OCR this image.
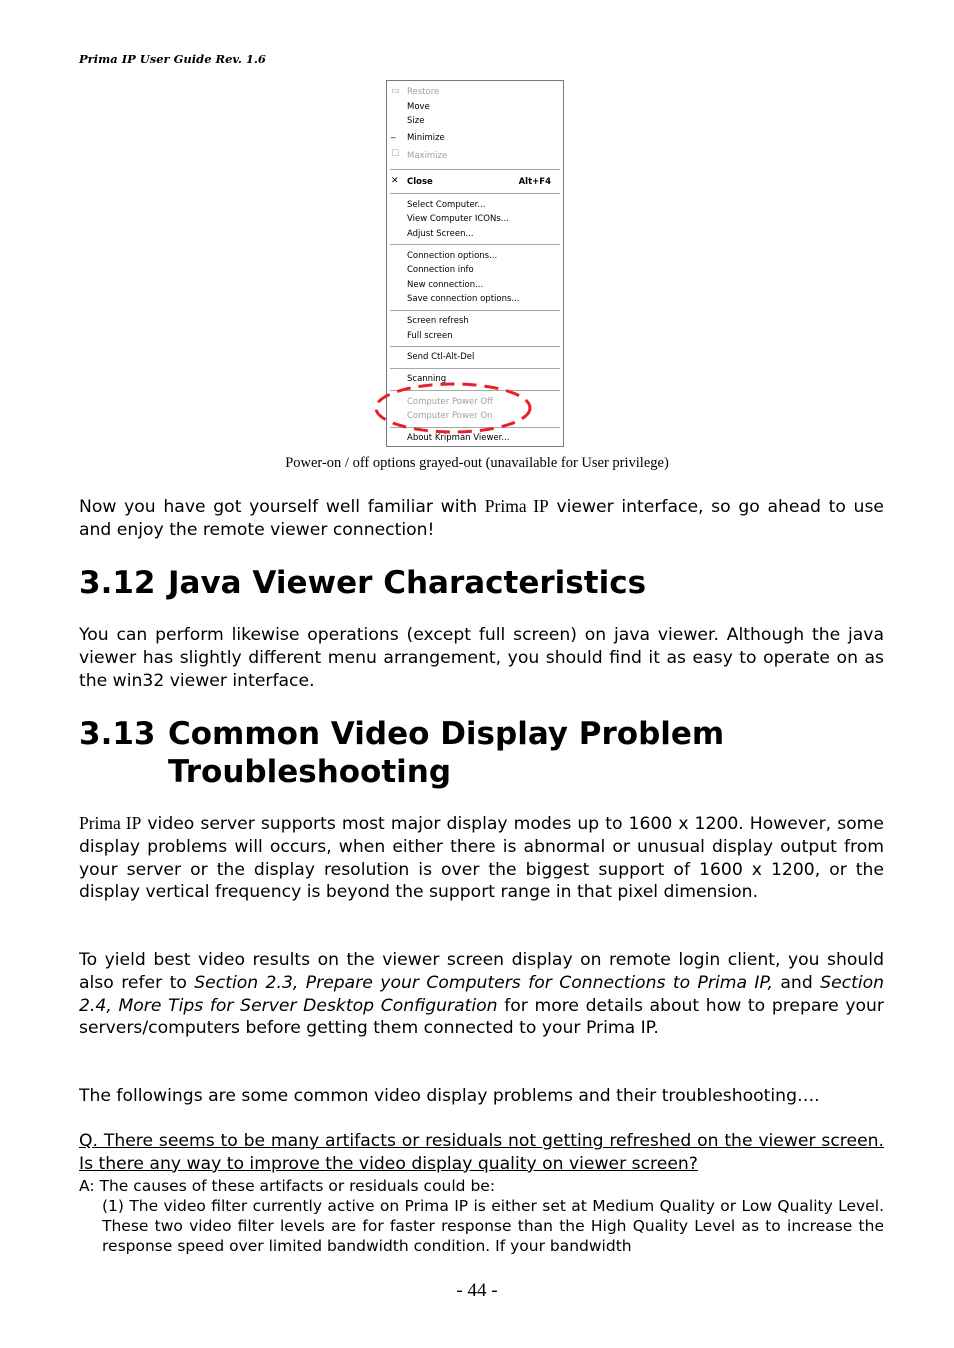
Prima IP User Guide Rev. 1.6
▭ Restore
Move
Size
_ Minimize
☐ Maximize
✕ Close	Alt+F4
Select Computer...
View Computer ICONs...
Adjust Screen...
Connection options...
Connection info
New connection...
Save connection options...
Screen refresh
Full screen
Send Ctl-Alt-Del
Scanning
Computer Power Off
Computer Power On
About Kripman Viewer...
Power-on / off options grayed-out (unavailable for User privilege)
Now you have got yourself well familiar with Prima IP viewer interface, so go ahead to use and enjoy the remote viewer connection!
3.12 Java Viewer Characteristics
You can perform likewise operations (except full screen) on java viewer. Although the java viewer has slightly different menu arrangement, you should find it as easy to operate on as the win32 viewer interface.
3.13 Common Video Display Problem
Troubleshooting
Prima IP video server supports most major display modes up to 1600 x 1200. However, some display problems will occurs, when either there is abnormal or unusual display output from your server or the display resolution is over the biggest support of 1600 x 1200, or the display vertical frequency is beyond the support range in that pixel dimension.
To yield best video results on the viewer screen display on remote login client, you should also refer to Section 2.3, Prepare your Computers for Connections to Prima IP, and Section 2.4, More Tips for Server Desktop Configuration for more details about how to prepare your servers/computers before getting them connected to your Prima IP.
The followings are some common video display problems and their troubleshooting….
Q. There seems to be many artifacts or residuals not getting refreshed on the viewer screen. Is there any way to improve the video display quality on viewer screen?
A: The causes of these artifacts or residuals could be:
(1) The video filter currently active on Prima IP is either set at Medium Quality or Low Quality Level. These two video filter levels are for faster response than the High Quality Level as to increase the response speed over limited bandwidth condition. If your bandwidth
- 44 -
